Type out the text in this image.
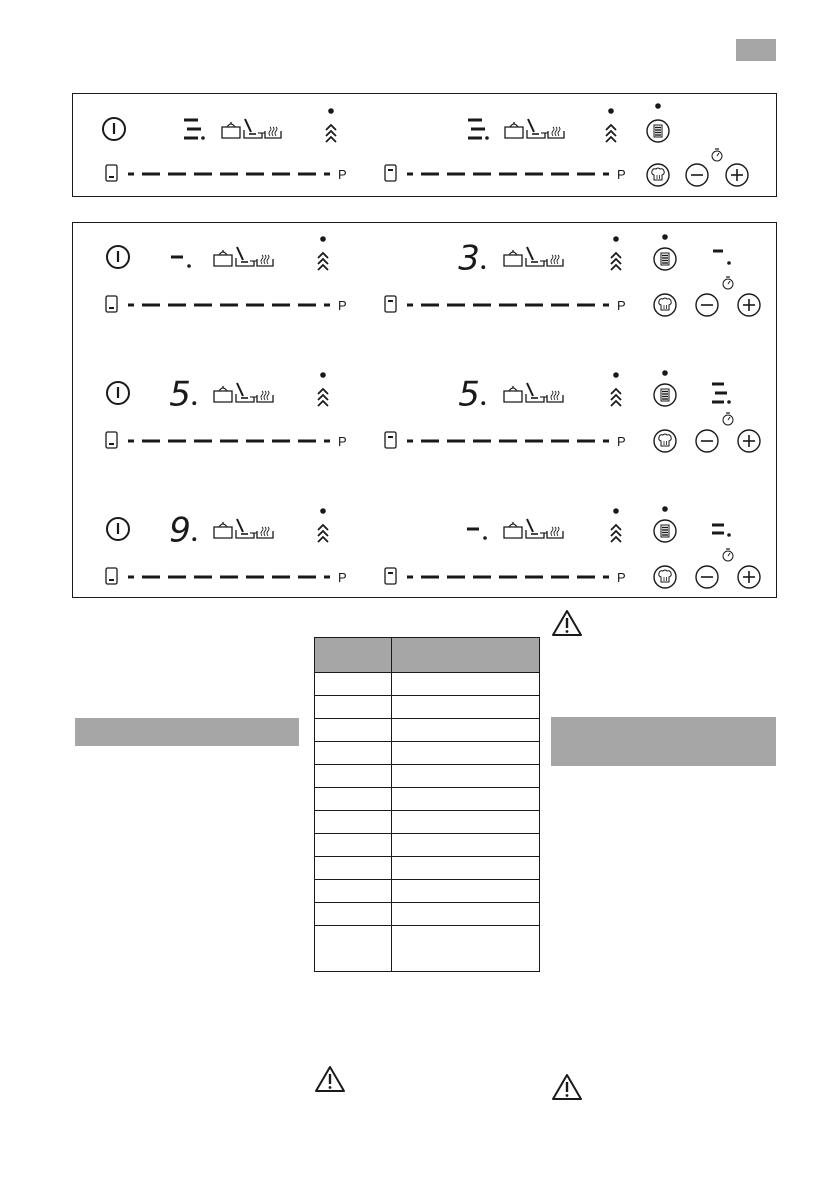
P	P
P
3
P
5
P
5
P
9
P	P
